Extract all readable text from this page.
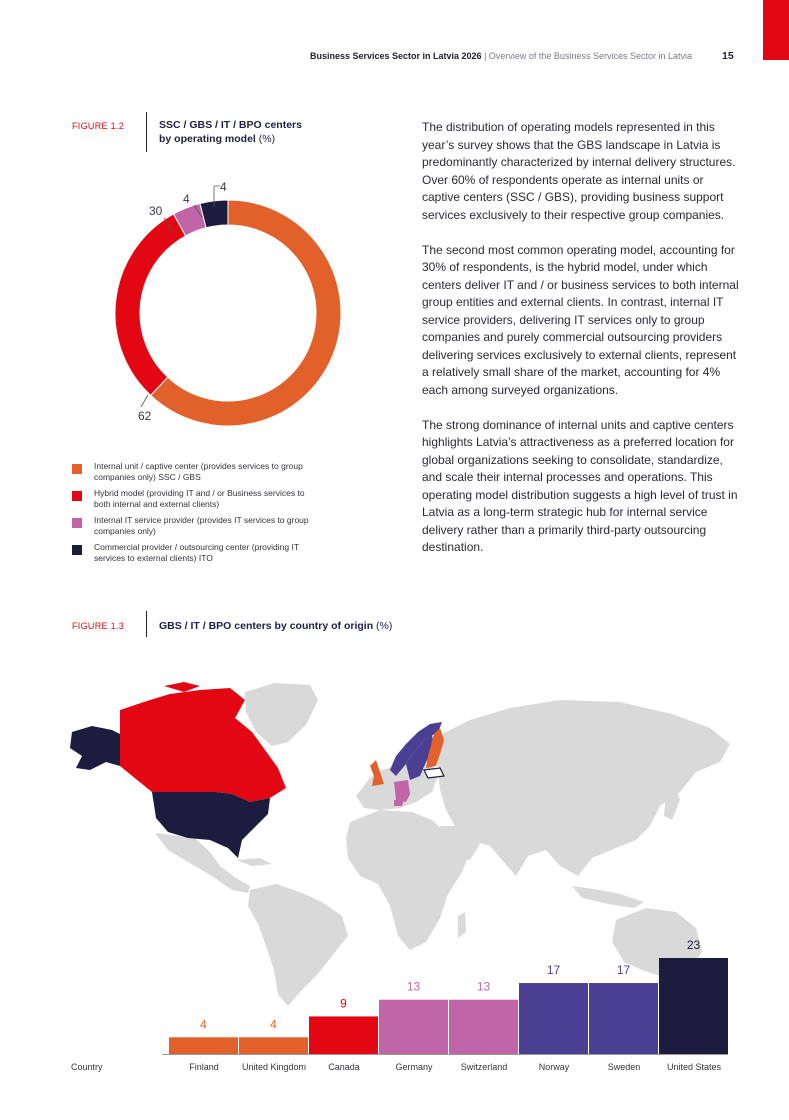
Business Services Sector in Latvia 2026 | Overview of the Business Services Sector in Latvia	15
FIGURE 1.2	SSC / GBS / IT / BPO centers
by operating model (%)
62
30
4
4
Internal unit / captive center (provides services to group companies only) SSC / GBS
Hybrid model (providing IT and / or Business services to both internal and external clients)
Internal IT service provider (provides IT services to group companies only)
Commercial provider / outsourcing center (providing IT services to external clients) ITO

The distribution of operating models represented in this year’s survey shows that the GBS landscape in Latvia is predominantly characterized by internal delivery structures. Over 60% of respondents operate as internal units or captive centers (SSC / GBS), providing business support services exclusively to their respective group companies.

The second most common operating model, accounting for 30% of respondents, is the hybrid model, under which centers deliver IT and / or business services to both internal group entities and external clients. In contrast, internal IT service providers, delivering IT services only to group companies and purely commercial outsourcing providers delivering services exclusively to external clients, represent a relatively small share of the market, accounting for 4% each among surveyed organizations.

The strong dominance of internal units and captive centers highlights Latvia’s attractiveness as a preferred location for global organizations seeking to consolidate, standardize, and scale their internal processes and operations. This operating model distribution suggests a high level of trust in Latvia as a long-term strategic hub for internal service delivery rather than a primarily third-party outsourcing destination.

FIGURE 1.3	GBS / IT / BPO centers by country of origin (%)
4	4
9
13	13
17	17
23
Country	Finland	United Kingdom	Canada	Germany	Switzerland	Norway	Sweden	United States
